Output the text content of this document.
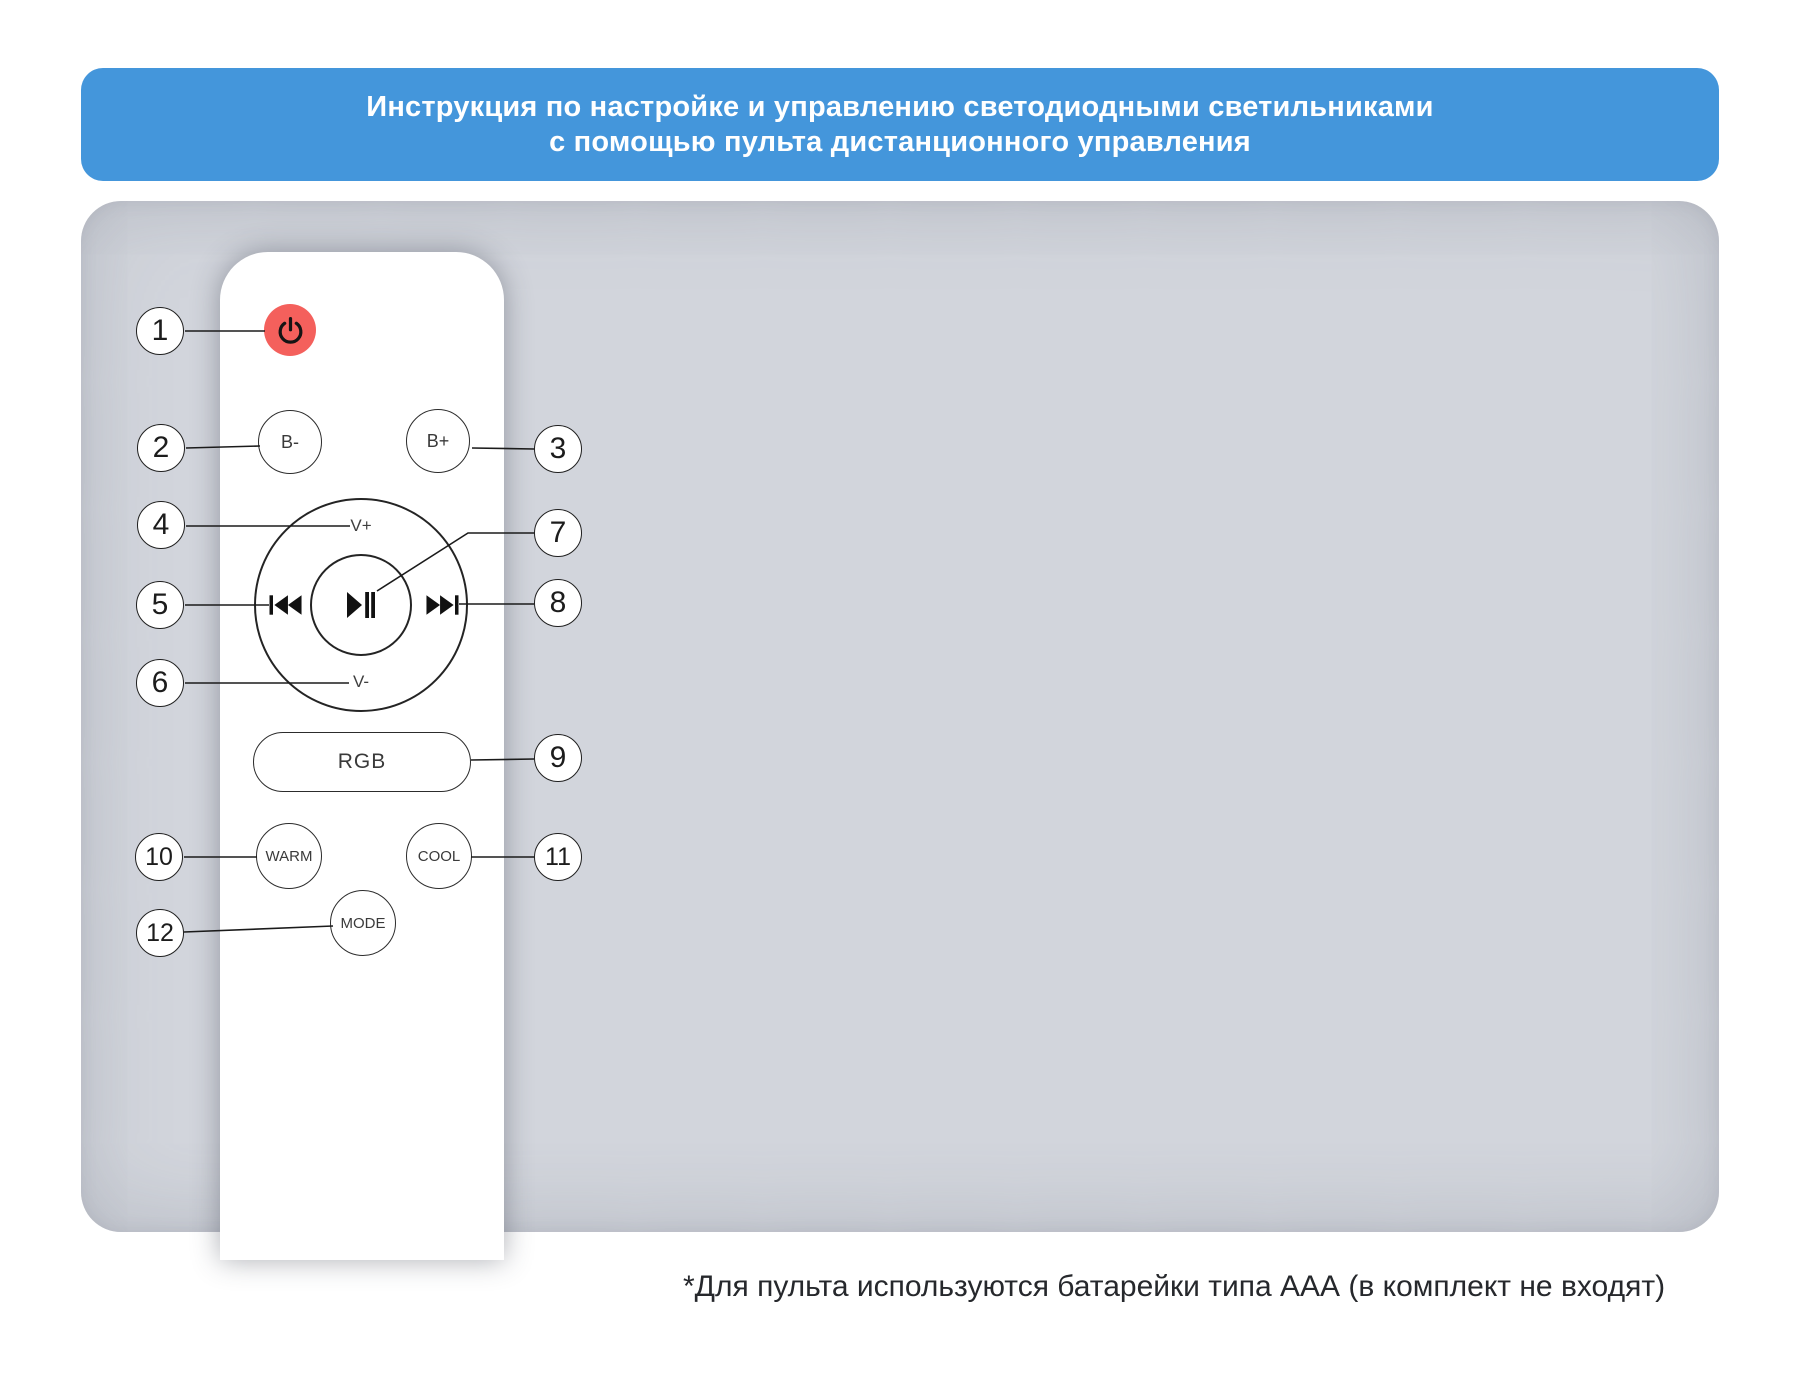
Инструкция по настройке и управлению светодиодными светильниками
с помощью пульта дистанционного управления
B-	B+
V+
V-
RGB
WARM	COOL
MODE
1
2	3
4
5
6
7
8
9
10	11
12
*Для пульта используются батарейки типа ААА (в комплект не входят)
